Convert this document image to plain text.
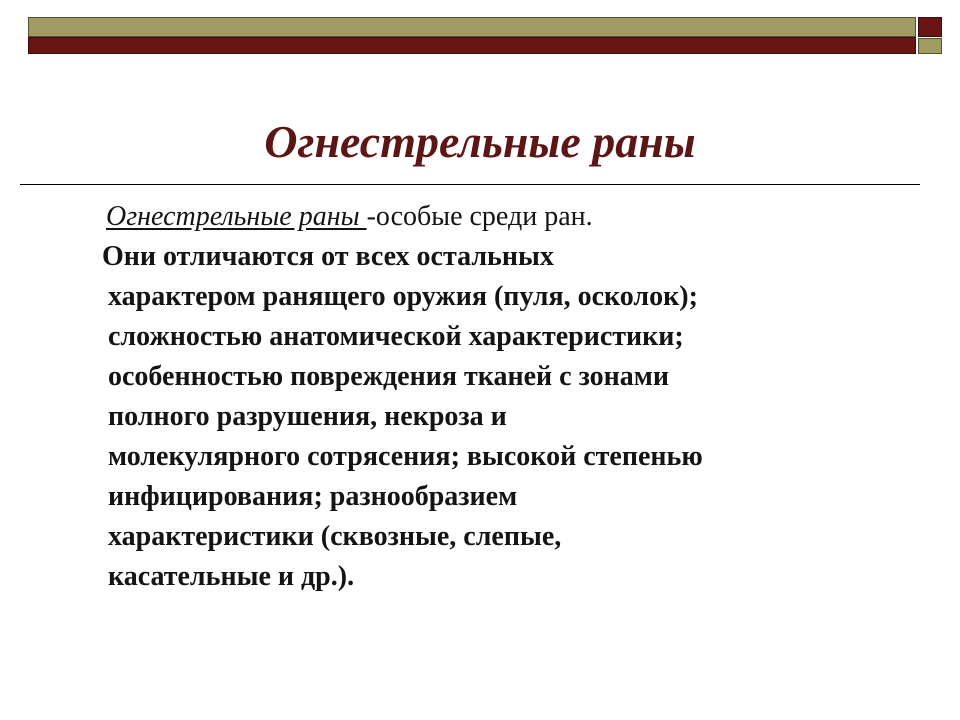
Огнестрельные раны
Огнестрельные раны -особые среди ран.
Они отличаются от всех остальных
характером ранящего оружия (пуля, осколок);
сложностью анатомической характеристики;
особенностью повреждения тканей с зонами
полного разрушения, некроза и
молекулярного сотрясения; высокой степенью
инфицирования; разнообразием
характеристики (сквозные, слепые,
касательные и др.).
